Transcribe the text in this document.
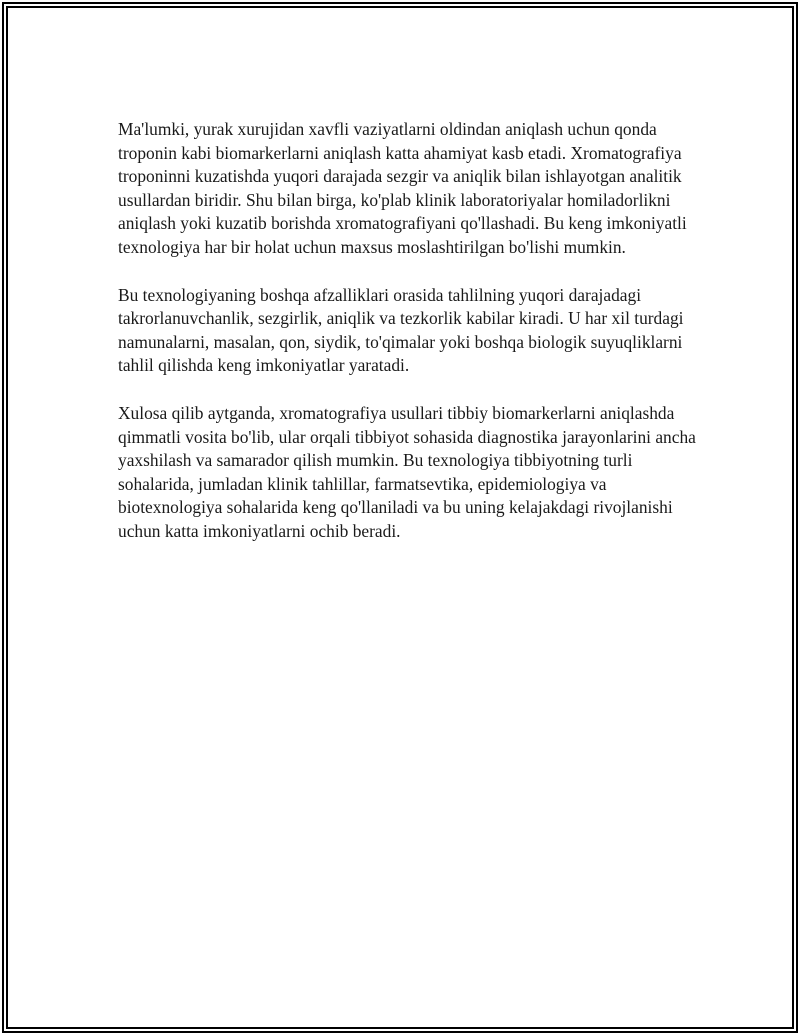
Ma'lumki, yurak xurujidan xavfli vaziyatlarni oldindan aniqlash uchun qonda troponin kabi biomarkerlarni aniqlash katta ahamiyat kasb etadi. Xromatografiya troponinni kuzatishda yuqori darajada sezgir va aniqlik bilan ishlayotgan analitik usullardan biridir. Shu bilan birga, ko'plab klinik laboratoriyalar homiladorlikni aniqlash yoki kuzatib borishda xromatografiyani qo'llashadi. Bu keng imkoniyatli texnologiya har bir holat uchun maxsus moslashtirilgan bo'lishi mumkin.

Bu texnologiyaning boshqa afzalliklari orasida tahlilning yuqori darajadagi takrorlanuvchanlik, sezgirlik, aniqlik va tezkorlik kabilar kiradi. U har xil turdagi namunalarni, masalan, qon, siydik, to'qimalar yoki boshqa biologik suyuqliklarni tahlil qilishda keng imkoniyatlar yaratadi.

Xulosa qilib aytganda, xromatografiya usullari tibbiy biomarkerlarni aniqlashda qimmatli vosita bo'lib, ular orqali tibbiyot sohasida diagnostika jarayonlarini ancha yaxshilash va samarador qilish mumkin. Bu texnologiya tibbiyotning turli sohalarida, jumladan klinik tahlillar, farmatsevtika, epidemiologiya va biotexnologiya sohalarida keng qo'llaniladi va bu uning kelajakdagi rivojlanishi uchun katta imkoniyatlarni ochib beradi.
